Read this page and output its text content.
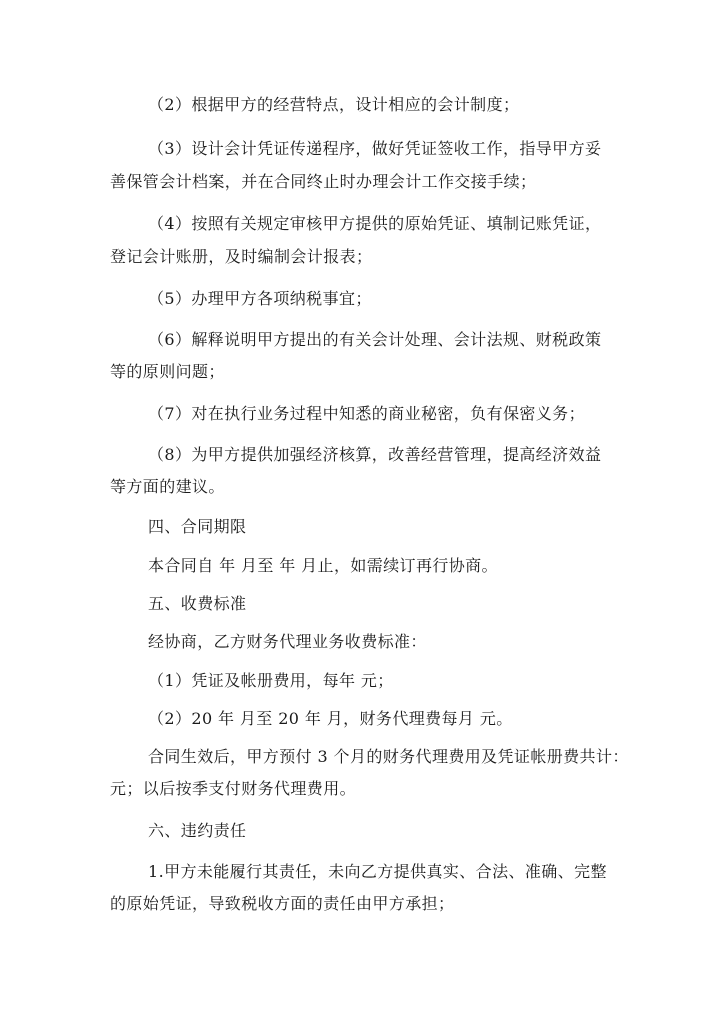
（2）根据甲方的经营特点，设计相应的会计制度；

（3）设计会计凭证传递程序，做好凭证签收工作，指导甲方妥

善保管会计档案，并在合同终止时办理会计工作交接手续；

（4）按照有关规定审核甲方提供的原始凭证、填制记账凭证，

登记会计账册，及时编制会计报表；

（5）办理甲方各项纳税事宜；

（6）解释说明甲方提出的有关会计处理、会计法规、财税政策

等的原则问题；

（7）对在执行业务过程中知悉的商业秘密，负有保密义务；

（8）为甲方提供加强经济核算，改善经营管理，提高经济效益

等方面的建议。

四、合同期限

本合同自 年 月至 年 月止，如需续订再行协商。

五、收费标准

经协商，乙方财务代理业务收费标准：

（1）凭证及帐册费用，每年 元；

（2）20 年 月至 20 年 月，财务代理费每月 元。

合同生效后，甲方预付 3 个月的财务代理费用及凭证帐册费共计：

元；以后按季支付财务代理费用。

六、违约责任

1.甲方未能履行其责任，未向乙方提供真实、合法、准确、完整

的原始凭证，导致税收方面的责任由甲方承担；
